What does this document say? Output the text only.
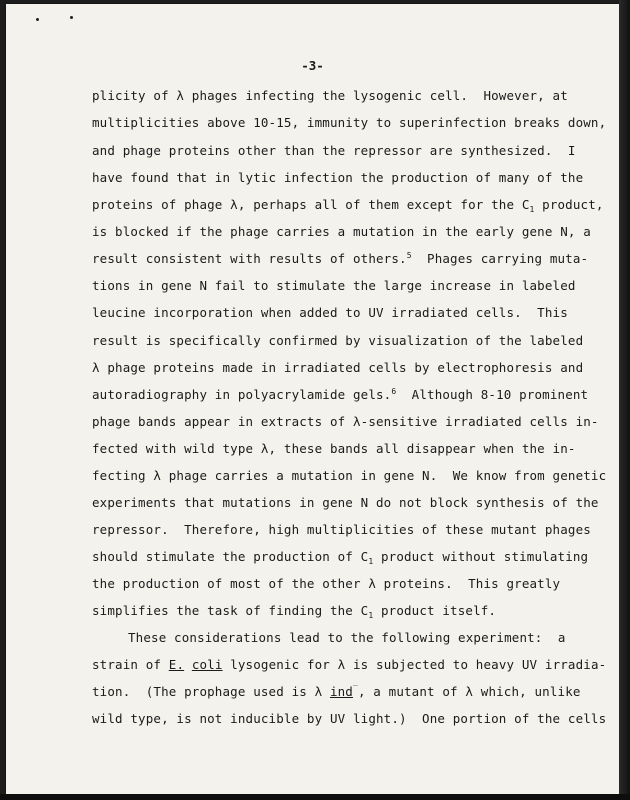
-3-
plicity of λ phages infecting the lysogenic cell.  However, at
multiplicities above 10-15, immunity to superinfection breaks down,
and phage proteins other than the repressor are synthesized.  I
have found that in lytic infection the production of many of the
proteins of phage λ, perhaps all of them except for the $C_1$ product,
is blocked if the phage carries a mutation in the early gene N, a
result consistent with results of others.$^5$  Phages carrying muta-
tions in gene N fail to stimulate the large increase in labeled
leucine incorporation when added to UV irradiated cells.  This
result is specifically confirmed by visualization of the labeled
λ phage proteins made in irradiated cells by electrophoresis and
autoradiography in polyacrylamide gels.$^6$  Although 8-10 prominent
phage bands appear in extracts of λ-sensitive irradiated cells in-
fected with wild type λ, these bands all disappear when the in-
fecting λ phage carries a mutation in gene N.  We know from genetic
experiments that mutations in gene N do not block synthesis of the
repressor.  Therefore, high multiplicities of these mutant phages
should stimulate the production of $C_1$ product without stimulating
the production of most of the other λ proteins.  This greatly
simplifies the task of finding the $C_1$ product itself.
These considerations lead to the following experiment:  a
strain of E. coli lysogenic for λ is subjected to heavy UV irradia-
tion.  (The prophage used is λ ind‾, a mutant of λ which, unlike
wild type, is not inducible by UV light.)  One portion of the cells
